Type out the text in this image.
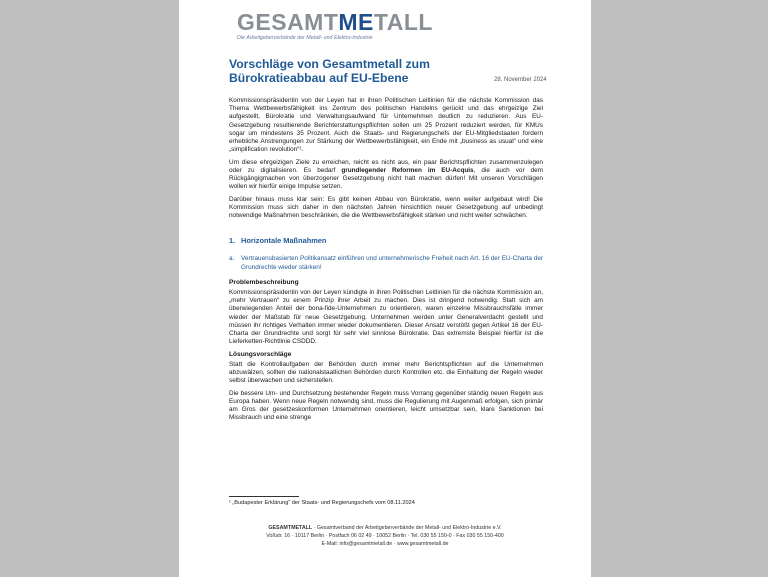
GESAMTMETALL
Die Arbeitgeberverbände der Metall- und Elektro-Industrie
Vorschläge von Gesamtmetall zum Bürokratieabbau auf EU-Ebene	28. November 2024

Kommissionspräsidentin von der Leyen hat in ihren Politischen Leitlinien für die nächste Kommission das Thema Wettbewerbsfähigkeit ins Zentrum des politischen Handelns gerückt und das ehrgeizige Ziel aufgestellt, Bürokratie und Verwaltungsaufwand für Unternehmen deutlich zu reduzieren. Aus EU-Gesetzgebung resultierende Berichterstattungspflichten sollen um 25 Prozent reduziert werden, für KMUs sogar um mindestens 35 Prozent. Auch die Staats- und Regierungschefs der EU-Mitgliedstaaten fordern erhebliche Anstrengungen zur Stärkung der Wettbewerbsfähigkeit, ein Ende mit „business as usual“ und eine „simplification revolution“¹.

Um diese ehrgeizigen Ziele zu erreichen, reicht es nicht aus, ein paar Berichtspflichten zusammenzulegen oder zu digitalisieren. Es bedarf grundlegender Reformen im EU-Acquis, die auch vor dem Rückgängigmachen von überzogener Gesetzgebung nicht halt machen dürfen! Mit unseren Vorschlägen wollen wir hierfür einige Impulse setzen.

Darüber hinaus muss klar sein: Es gibt keinen Abbau von Bürokratie, wenn weiter aufgebaut wird! Die Kommission muss sich daher in den nächsten Jahren hinsichtlich neuer Gesetzgebung auf unbedingt notwendige Maßnahmen beschränken, die die Wettbewerbsfähigkeit stärken und nicht weiter schwächen.

1. Horizontale Maßnahmen
a.	Vertrauensbasierten Politikansatz einführen und unternehmerische Freiheit nach Art. 16 der EU-Charta der Grundrechte wieder stärken!
Problembeschreibung

Kommissionspräsidentin von der Leyen kündigte in ihren Politischen Leitlinien für die nächste Kommission an, „mehr Vertrauen“ zu einem Prinzip ihrer Arbeit zu machen. Dies ist dringend notwendig. Statt sich am überwiegenden Anteil der bona-fide-Unternehmen zu orientieren, waren einzelne Missbrauchsfälle immer wieder der Maßstab für neue Gesetzgebung. Unternehmen werden unter Generalverdacht gestellt und müssen ihr richtiges Verhalten immer wieder dokumentieren. Dieser Ansatz verstößt gegen Artikel 16 der EU-Charta der Grundrechte und sorgt für sehr viel sinnlose Bürokratie. Das extremste Beispiel hierfür ist die Lieferketten-Richtlinie CSDDD.

Lösungsvorschläge

Statt die Kontrollaufgaben der Behörden durch immer mehr Berichtspflichten auf die Unternehmen abzuwälzen, sollten die nationalstaatlichen Behörden durch Kontrollen etc. die Einhaltung der Regeln wieder selbst überwachen und sicherstellen.

Die bessere Um- und Durchsetzung bestehender Regeln muss Vorrang gegenüber ständig neuen Regeln aus Europa haben. Wenn neue Regeln notwendig sind, muss die Regulierung mit Augenmaß erfolgen, sich primär am Gros der gesetzeskonformen Unternehmen orientieren, leicht umsetzbar sein, klare Sanktionen bei Missbrauch und eine strenge

¹ „Budapester Erklärung“ der Staats- und Regierungschefs vom 08.11.2024
GESAMTMETALL · Gesamtverband der Arbeitgeberverbände der Metall- und Elektro-Industrie e.V.
Voßstr. 16 · 10117 Berlin · Postfach 06 02 49 · 10052 Berlin · Tel. 030 55 150-0 · Fax 030 55 150-400
E-Mail: info@gesamtmetall.de · www.gesamtmetall.de
